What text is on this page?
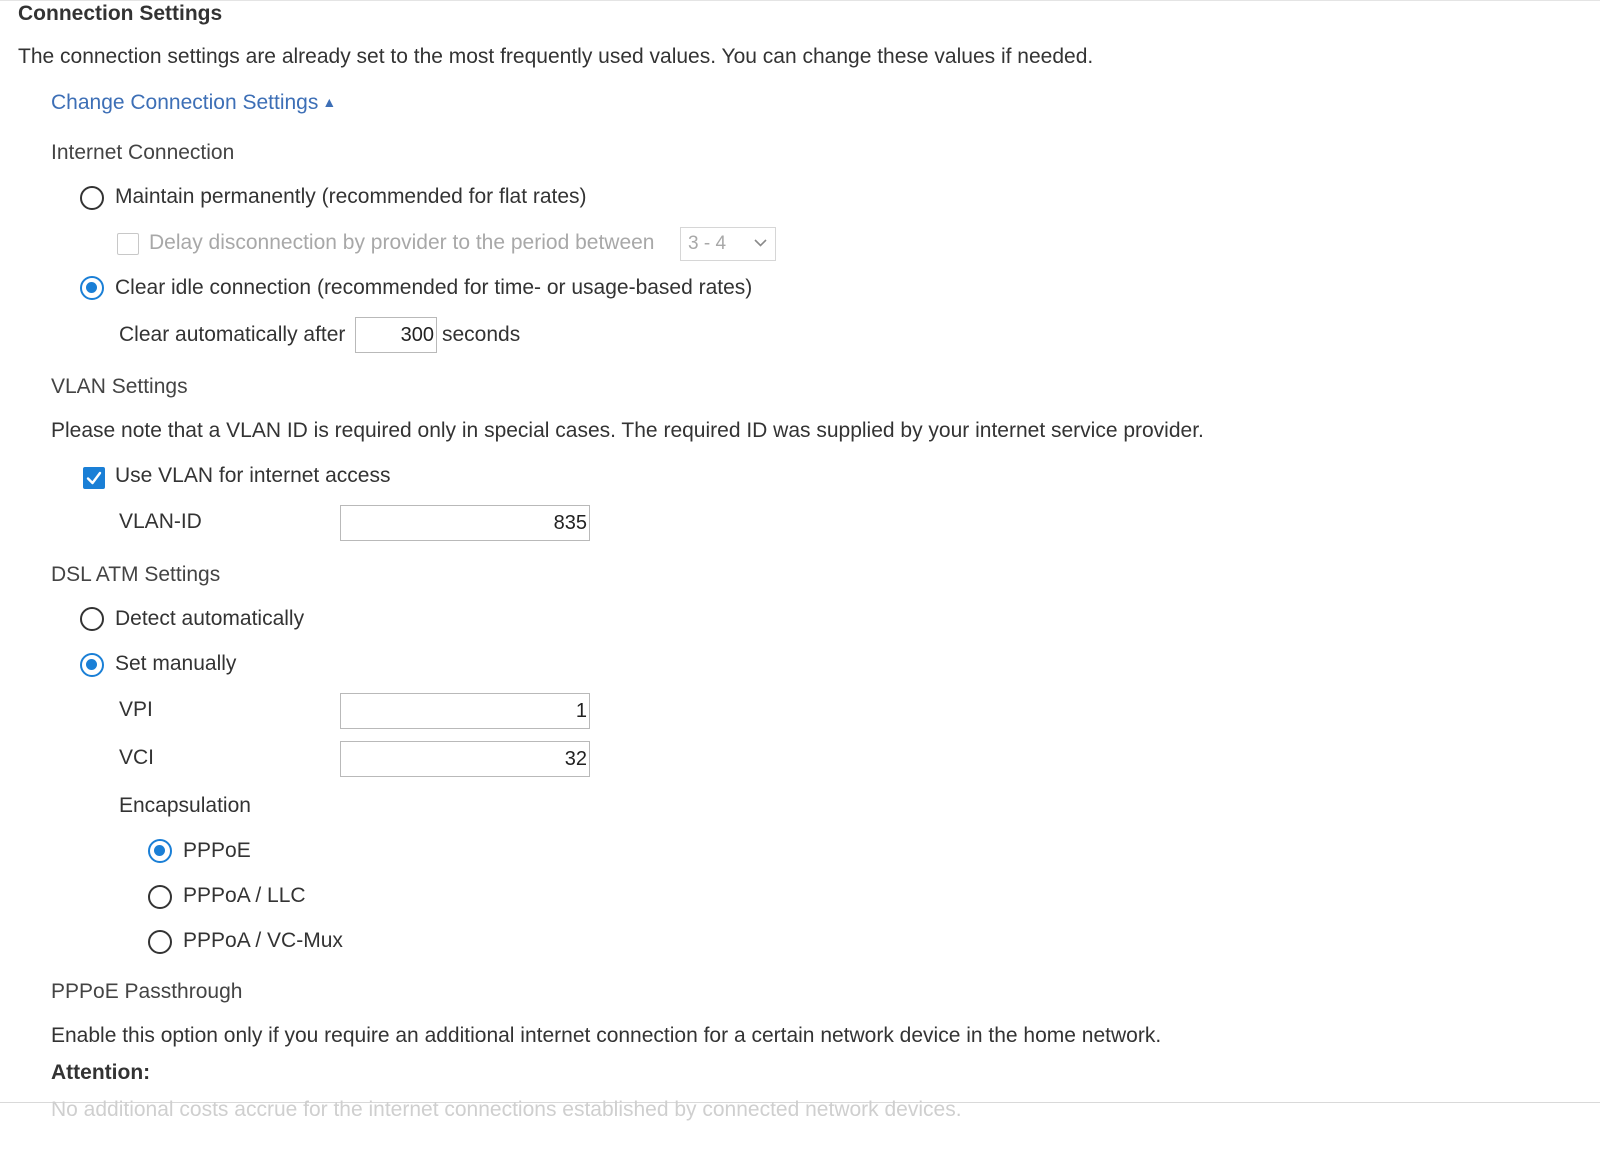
Connection Settings
The connection settings are already set to the most frequently used values. You can change these values if needed.
Change Connection Settings ▲
Internet Connection
Maintain permanently (recommended for flat rates)
Delay disconnection by provider to the period between	3 - 4
Clear idle connection (recommended for time- or usage-based rates)
Clear automatically after
300	seconds
VLAN Settings
Please note that a VLAN ID is required only in special cases. The required ID was supplied by your internet service provider.
Use VLAN for internet access
VLAN-ID
835
DSL ATM Settings
Detect automatically
Set manually
VPI
1
VCI
32
Encapsulation
PPPoE
PPPoA / LLC
PPPoA / VC-Mux
PPPoE Passthrough
Enable this option only if you require an additional internet connection for a certain network device in the home network.
Attention:
No additional costs accrue for the internet connections established by connected network devices.
